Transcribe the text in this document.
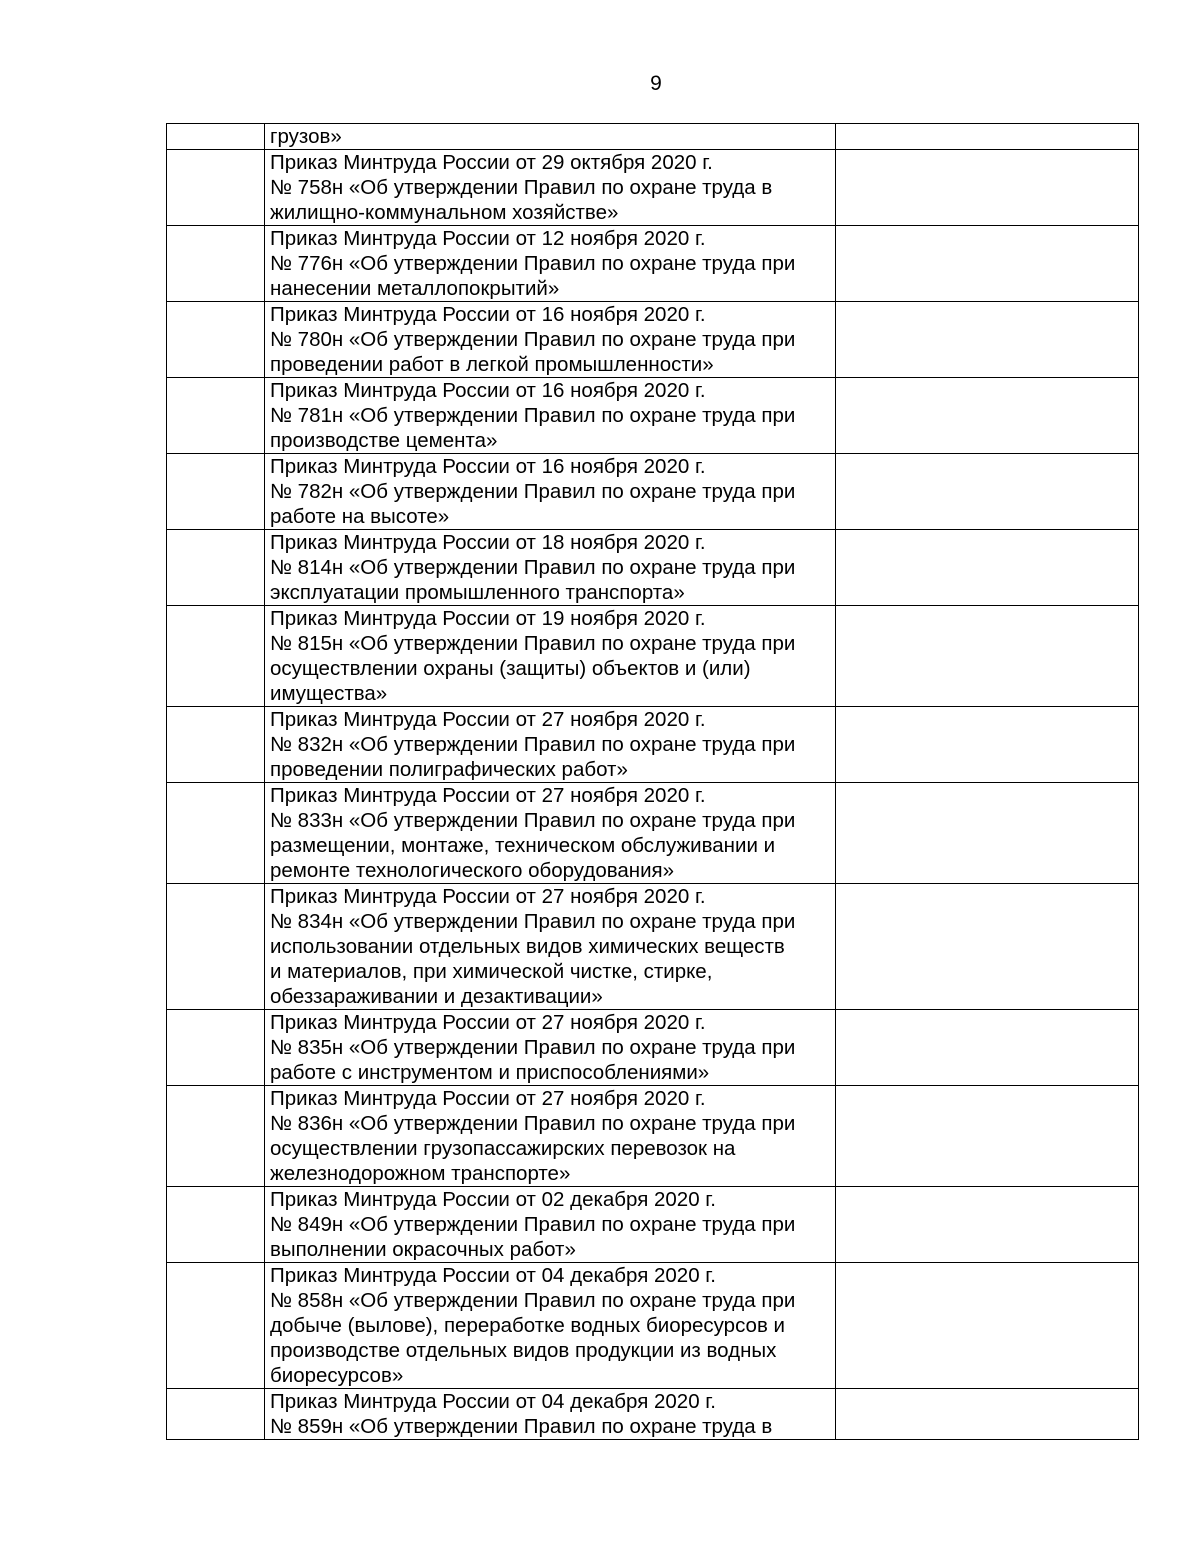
9

	грузов»	

	Приказ Минтруда России от 29 октября 2020 г.
№ 758н «Об утверждении Правил по охране труда в
жилищно-коммунальном хозяйстве»	

	Приказ Минтруда России от 12 ноября 2020 г.
№ 776н «Об утверждении Правил по охране труда при
нанесении металлопокрытий»	

	Приказ Минтруда России от 16 ноября 2020 г.
№ 780н «Об утверждении Правил по охране труда при
проведении работ в легкой промышленности»	

	Приказ Минтруда России от 16 ноября 2020 г.
№ 781н «Об утверждении Правил по охране труда при
производстве цемента»	

	Приказ Минтруда России от 16 ноября 2020 г.
№ 782н «Об утверждении Правил по охране труда при
работе на высоте»	

	Приказ Минтруда России от 18 ноября 2020 г.
№ 814н «Об утверждении Правил по охране труда при
эксплуатации промышленного транспорта»	

	Приказ Минтруда России от 19 ноября 2020 г.
№ 815н «Об утверждении Правил по охране труда при
осуществлении охраны (защиты) объектов и (или)
имущества»	

	Приказ Минтруда России от 27 ноября 2020 г.
№ 832н «Об утверждении Правил по охране труда при
проведении полиграфических работ»	

	Приказ Минтруда России от 27 ноября 2020 г.
№ 833н «Об утверждении Правил по охране труда при
размещении, монтаже, техническом обслуживании и
ремонте технологического оборудования»	

	Приказ Минтруда России от 27 ноября 2020 г.
№ 834н «Об утверждении Правил по охране труда при
использовании отдельных видов химических веществ
и материалов, при химической чистке, стирке,
обеззараживании и дезактивации»	

	Приказ Минтруда России от 27 ноября 2020 г.
№ 835н «Об утверждении Правил по охране труда при
работе с инструментом и приспособлениями»	

	Приказ Минтруда России от 27 ноября 2020 г.
№ 836н «Об утверждении Правил по охране труда при
осуществлении грузопассажирских перевозок на
железнодорожном транспорте»	

	Приказ Минтруда России от 02 декабря 2020 г.
№ 849н «Об утверждении Правил по охране труда при
выполнении окрасочных работ»	

	Приказ Минтруда России от 04 декабря 2020 г.
№ 858н «Об утверждении Правил по охране труда при
добыче (вылове), переработке водных биоресурсов и
производстве отдельных видов продукции из водных
биоресурсов»	

	Приказ Минтруда России от 04 декабря 2020 г.
№ 859н «Об утверждении Правил по охране труда в	
